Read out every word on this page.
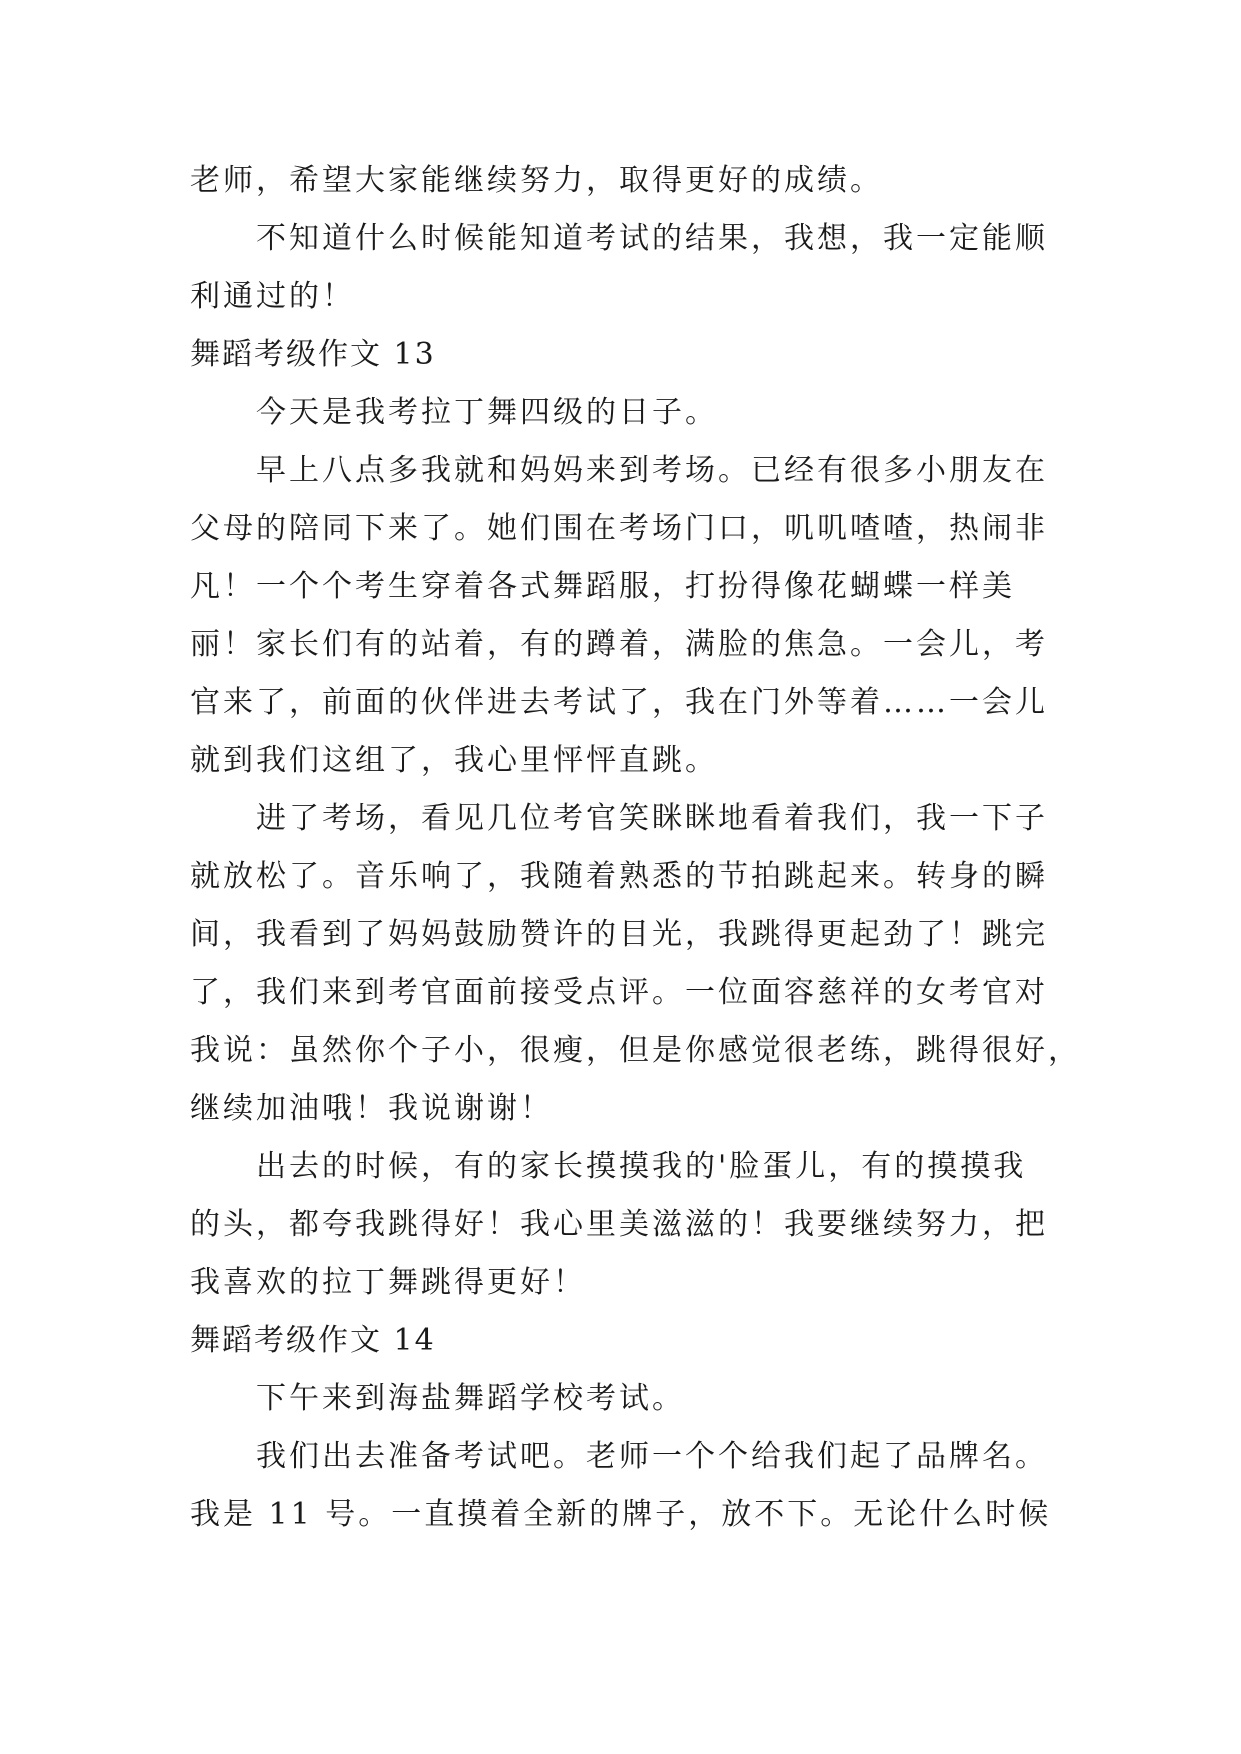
老师，希望大家能继续努力，取得更好的成绩。
不知道什么时候能知道考试的结果，我想，我一定能顺
利通过的！
舞蹈考级作文 13
今天是我考拉丁舞四级的日子。
早上八点多我就和妈妈来到考场。已经有很多小朋友在
父母的陪同下来了。她们围在考场门口，叽叽喳喳，热闹非
凡！一个个考生穿着各式舞蹈服，打扮得像花蝴蝶一样美
丽！家长们有的站着，有的蹲着，满脸的焦急。一会儿，考
官来了，前面的伙伴进去考试了，我在门外等着……一会儿
就到我们这组了，我心里怦怦直跳。
进了考场，看见几位考官笑眯眯地看着我们，我一下子
就放松了。音乐响了，我随着熟悉的节拍跳起来。转身的瞬
间，我看到了妈妈鼓励赞许的目光，我跳得更起劲了！跳完
了，我们来到考官面前接受点评。一位面容慈祥的女考官对
我说：虽然你个子小，很瘦，但是你感觉很老练，跳得很好，
继续加油哦！我说谢谢！
出去的时候，有的家长摸摸我的'脸蛋儿，有的摸摸我
的头，都夸我跳得好！我心里美滋滋的！我要继续努力，把
我喜欢的拉丁舞跳得更好！
舞蹈考级作文 14
下午来到海盐舞蹈学校考试。
我们出去准备考试吧。老师一个个给我们起了品牌名。
我是 11 号。一直摸着全新的牌子，放不下。无论什么时候
